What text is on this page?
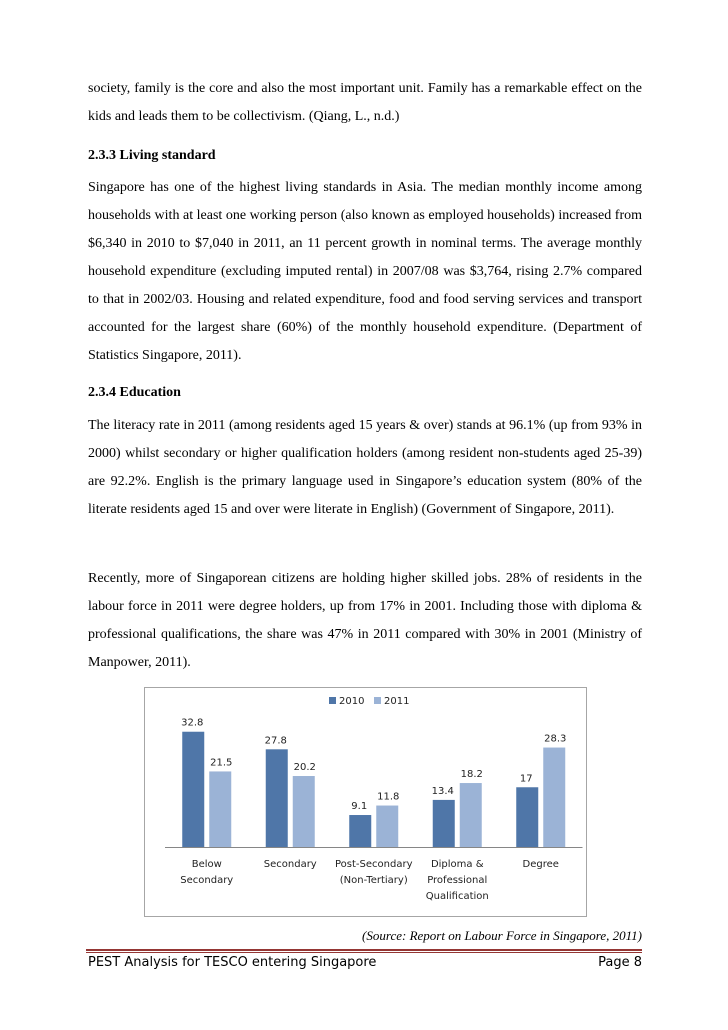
society, family is the core and also the most important unit. Family has a remarkable effect on the kids and leads them to be collectivism. (Qiang, L., n.d.)

2.3.3 Living standard

Singapore has one of the highest living standards in Asia. The median monthly income among households with at least one working person (also known as employed households) increased from $6,340 in 2010 to $7,040 in 2011, an 11 percent growth in nominal terms. The average monthly household expenditure (excluding imputed rental) in 2007/08 was $3,764, rising 2.7% compared to that in 2002/03. Housing and related expenditure, food and food serving services and transport accounted for the largest share (60%) of the monthly household expenditure. (Department of Statistics Singapore, 2011).

2.3.4 Education

The literacy rate in 2011 (among residents aged 15 years & over) stands at 96.1% (up from 93% in 2000) whilst secondary or higher qualification holders (among resident non-students aged 25-39) are 92.2%. English is the primary language used in Singapore’s education system (80% of the literate residents aged 15 and over were literate in English) (Government of Singapore, 2011).

Recently, more of Singaporean citizens are holding higher skilled jobs. 28% of residents in the labour force in 2011 were degree holders, up from 17% in 2001. Including those with diploma & professional qualifications, the share was 47% in 2011 compared with 30% in 2001 (Ministry of Manpower, 2011).

2010 2011
32.8
21.5
Below
Secondary
27.8
20.2
Secondary
9.1
11.8
Post-Secondary
(Non-Tertiary)
13.4
18.2
Diploma &
Professional
Qualification
17
28.3
Degree

(Source: Report on Labour Force in Singapore, 2011)

PEST Analysis for TESCO entering Singapore	Page 8
